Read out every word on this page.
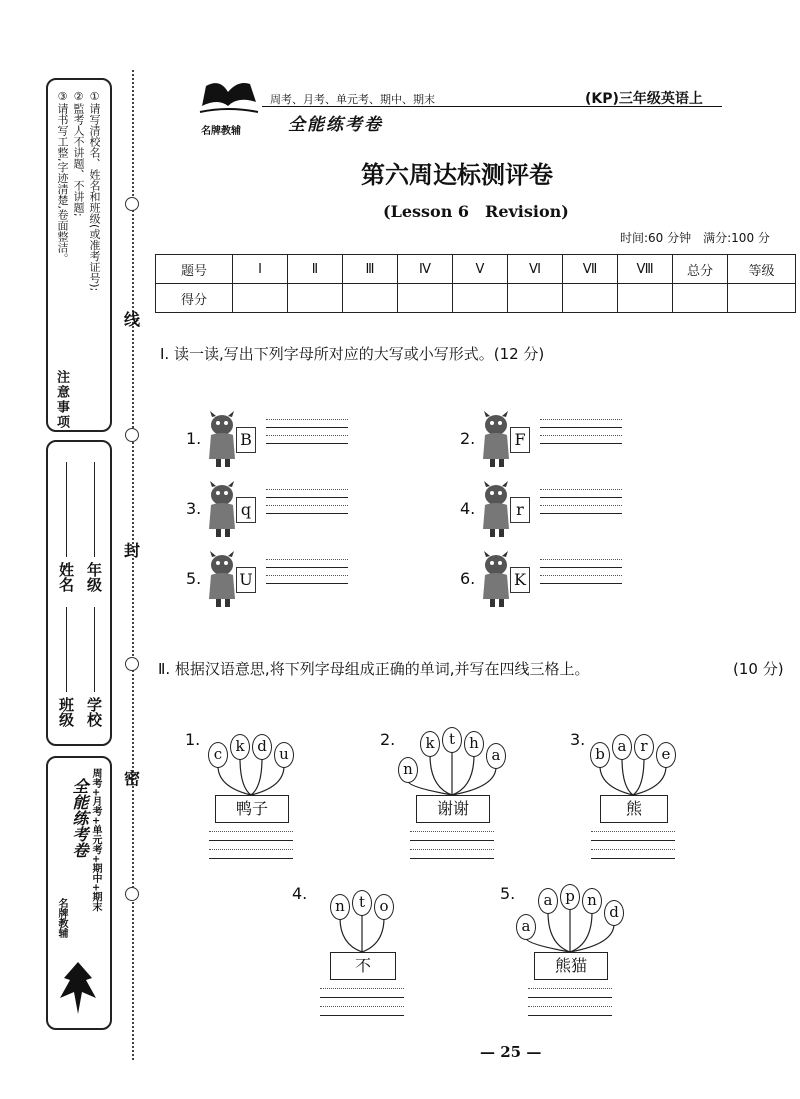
注意事项
①请写清校名、姓名和班级(或准考证号);
②監考人不讲题、不讲题;
③请书写工整,字迹清楚,卷面整洁。
年级
姓名
学校
班级
周考+月考+单元考+期中+期末
全能练考卷
名牌教辅
线
封
密
周考、月考、单元考、期中、期末	(KP)三年级英语上
名牌教辅	全能练考卷
第六周达标测评卷
(Lesson 6　Revision)
时间:60 分钟　满分:100 分
题号	Ⅰ	Ⅱ	Ⅲ	Ⅳ	Ⅴ	Ⅵ	Ⅶ	Ⅷ	总分	等级
得分										
Ⅰ. 读一读,写出下列字母所对应的大写或小写形式。(12 分)
1. B	2. F
3.	q	4.	r
5. U	6. K
Ⅱ. 根据汉语意思,将下列字母组成正确的单词,并写在四线三格上。	(10 分)
1.
c k d u
鸭子
2.
n
k t h
a
谢谢
3.
b a r e
熊
4.
n t o
不
5.
a
a p n
d
熊猫
— 25 —
